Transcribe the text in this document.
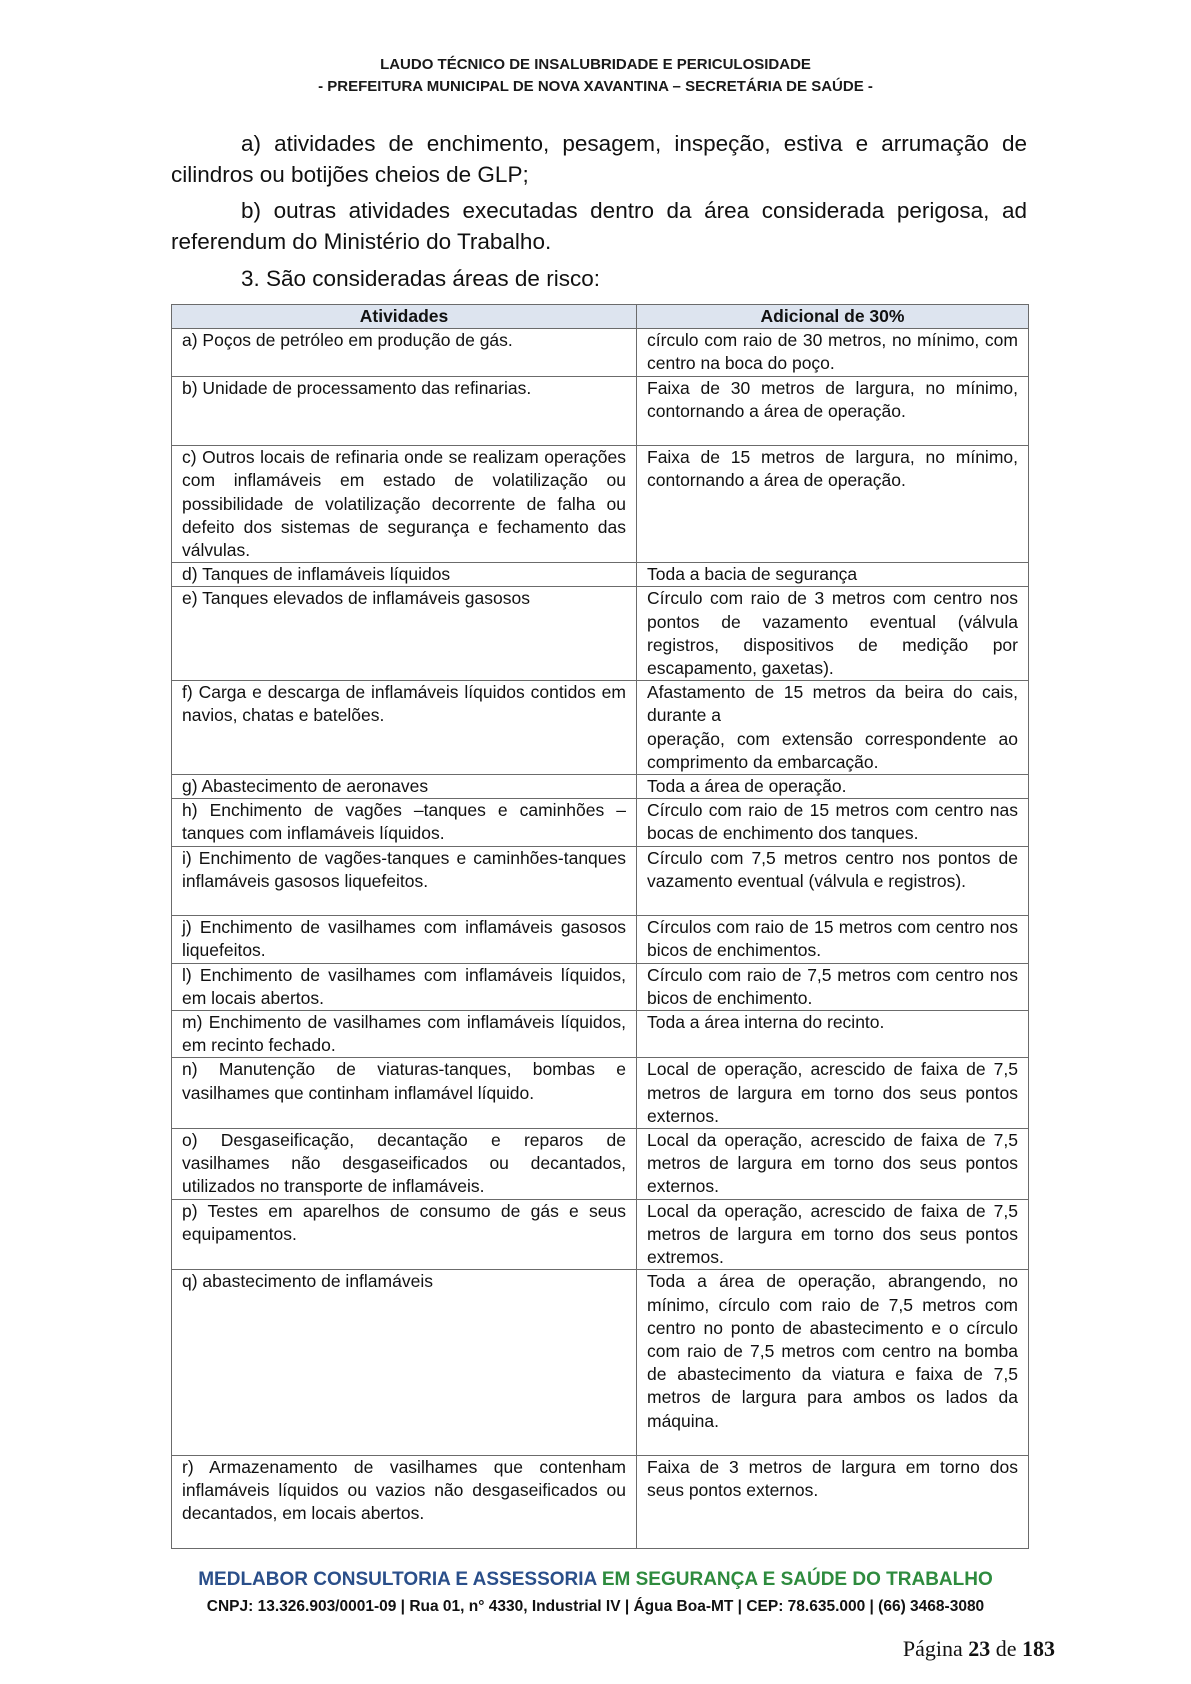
LAUDO TÉCNICO DE INSALUBRIDADE E PERICULOSIDADE
- PREFEITURA MUNICIPAL DE NOVA XAVANTINA – SECRETÁRIA DE SAÚDE -
a) atividades de enchimento, pesagem, inspeção, estiva e arrumação de cilindros ou botijões cheios de GLP;
b) outras atividades executadas dentro da área considerada perigosa, ad referendum do Ministério do Trabalho.
3. São consideradas áreas de risco:
Atividades	Adicional de 30%
a) Poços de petróleo em produção de gás.	círculo com raio de 30 metros, no mínimo, com centro na boca do poço.
b) Unidade de processamento das refinarias.	Faixa de 30 metros de largura, no mínimo, contornando a área de operação.
c) Outros locais de refinaria onde se realizam operações com inflamáveis em estado de volatilização ou possibilidade de volatilização decorrente de falha ou defeito dos sistemas de segurança e fechamento das válvulas.	Faixa de 15 metros de largura, no mínimo, contornando a área de operação.
d) Tanques de inflamáveis líquidos	Toda a bacia de segurança
e) Tanques elevados de inflamáveis gasosos	Círculo com raio de 3 metros com centro nos pontos de vazamento eventual (válvula registros, dispositivos de medição por escapamento, gaxetas).
f) Carga e descarga de inflamáveis líquidos contidos em navios, chatas e batelões.	Afastamento de 15 metros da beira do cais, durante a
operação, com extensão correspondente ao comprimento da embarcação.
g) Abastecimento de aeronaves	Toda a área de operação.
h) Enchimento de vagões –tanques e caminhões –tanques com inflamáveis líquidos.	Círculo com raio de 15 metros com centro nas bocas de enchimento dos tanques.
i) Enchimento de vagões-tanques e caminhões-tanques inflamáveis gasosos liquefeitos.	Círculo com 7,5 metros centro nos pontos de vazamento eventual (válvula e registros).
j) Enchimento de vasilhames com inflamáveis gasosos liquefeitos.	Círculos com raio de 15 metros com centro nos bicos de enchimentos.
l) Enchimento de vasilhames com inflamáveis líquidos, em locais abertos.	Círculo com raio de 7,5 metros com centro nos bicos de enchimento.
m) Enchimento de vasilhames com inflamáveis líquidos, em recinto fechado.	Toda a área interna do recinto.
n) Manutenção de viaturas-tanques, bombas e vasilhames que continham inflamável líquido.	Local de operação, acrescido de faixa de 7,5 metros de largura em torno dos seus pontos externos.
o) Desgaseificação, decantação e reparos de vasilhames não desgaseificados ou decantados, utilizados no transporte de inflamáveis.	Local da operação, acrescido de faixa de 7,5 metros de largura em torno dos seus pontos externos.
p) Testes em aparelhos de consumo de gás e seus equipamentos.	Local da operação, acrescido de faixa de 7,5 metros de largura em torno dos seus pontos extremos.
q) abastecimento de inflamáveis	Toda a área de operação, abrangendo, no mínimo, círculo com raio de 7,5 metros com centro no ponto de abastecimento e o círculo com raio de 7,5 metros com centro na bomba de abastecimento da viatura e faixa de 7,5 metros de largura para ambos os lados da máquina.
r) Armazenamento de vasilhames que contenham inflamáveis líquidos ou vazios não desgaseificados ou decantados, em locais abertos.	Faixa de 3 metros de largura em torno dos seus pontos externos.
MEDLABOR CONSULTORIA E ASSESSORIA EM SEGURANÇA E SAÚDE DO TRABALHO
CNPJ: 13.326.903/0001-09 | Rua 01, n° 4330, Industrial IV | Água Boa-MT | CEP: 78.635.000 | (66) 3468-3080
Página 23 de 183
